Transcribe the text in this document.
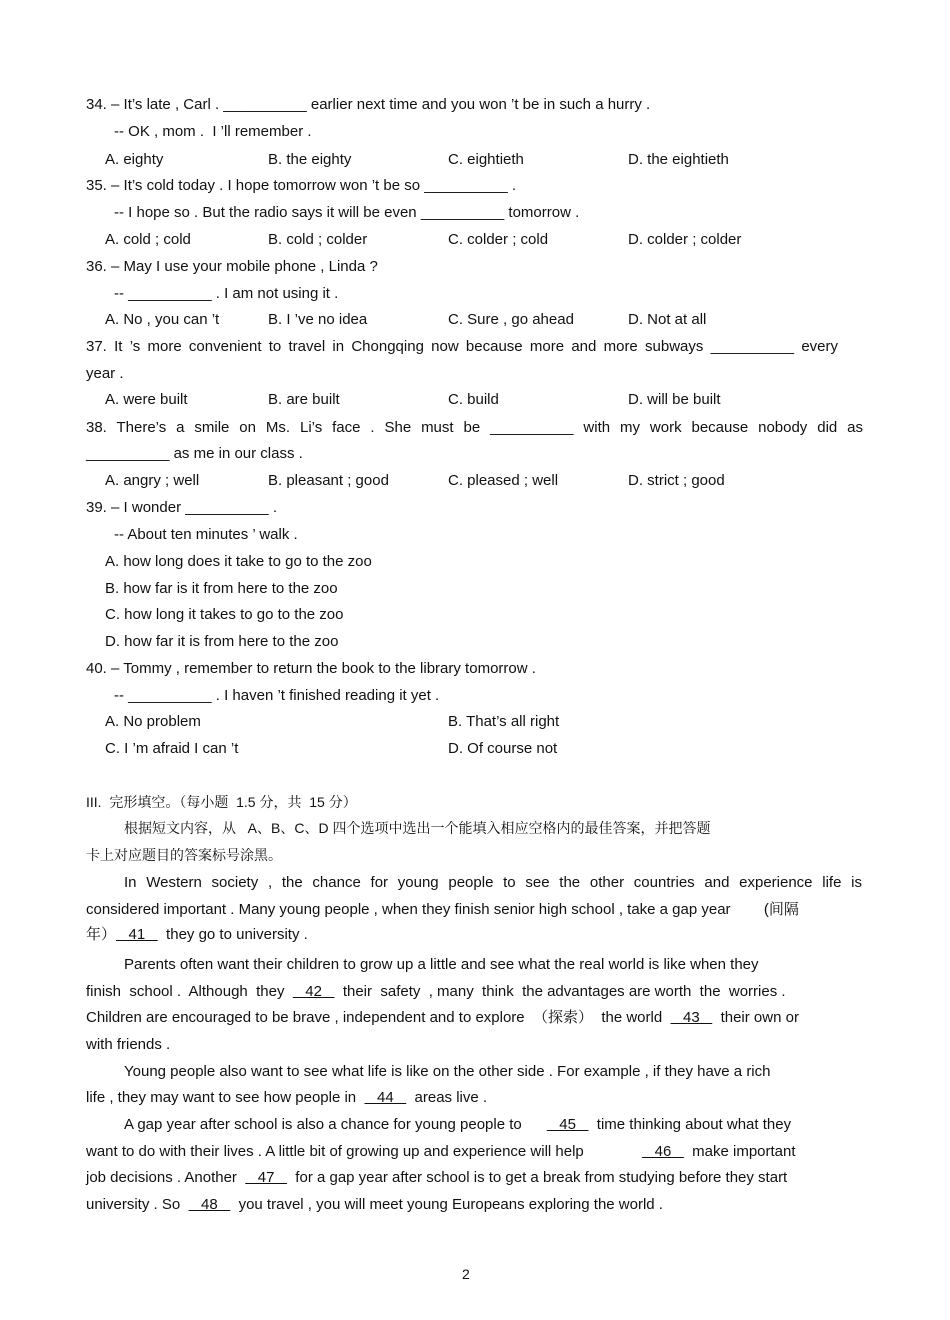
34. – It’s late , Carl . __________ earlier next time and you won ’t be in such a hurry .
-- OK , mom .  I ’ll remember .
A. eighty	B. the eighty	C. eightieth	D. the eightieth
35. – It’s cold today . I hope tomorrow won ’t be so __________ .
-- I hope so . But the radio says it will be even __________ tomorrow .
A. cold ; cold	B. cold ; colder	C. colder ; cold	D. colder ; colder
36. – May I use your mobile phone , Linda ?
-- __________ . I am not using it .
A. No , you can ’t	B. I ’ve no idea	C. Sure , go ahead	D. Not at all
37. It ’s more convenient to travel in Chongqing now because more and more subways __________ every
year .
A. were built	B. are built	C. build	D. will be built
38. There’s a smile on Ms. Li’s face . She must be __________ with my work because nobody did as
__________ as me in our class .
A. angry ; well	B. pleasant ; good	C. pleased ; well	D. strict ; good
39. – I wonder __________ .
-- About ten minutes ’ walk .
A. how long does it take to go to the zoo
B. how far is it from here to the zoo
C. how long it takes to go to the zoo
D. how far it is from here to the zoo
40. – Tommy , remember to return the book to the library tomorrow .
-- __________ . I haven ’t finished reading it yet .
A. No problem	B. That’s all right
C. I ’m afraid I can ’t	D. Of course not
III.  完形填空。（每小题  1.5 分，共  15 分）
根据短文内容，从   A、B、C、D 四个选项中选出一个能填入相应空格内的最佳答案，并把答题
卡上对应题目的答案标号涂黑。
In Western society , the chance for young people to see the other countries and experience life is
considered important . Many young people , when they finish senior high school , take a gap year        (间隔
年）   41     they go to university .
Parents often want their children to grow up a little and see what the real world is like when they
finish  school .  Although  they     42     their  safety  , many  think  the advantages are worth  the  worries .
Children are encouraged to be brave , independent and to explore  （探索）  the world     43     their own or
with friends .
Young people also want to see what life is like on the other side . For example , if they have a rich
life , they may want to see how people in     44     areas live .
A gap year after school is also a chance for young people to         45     time thinking about what they
want to do with their lives . A little bit of growing up and experience will help                 46     make important
job decisions . Another     47     for a gap year after school is to get a break from studying before they start
university . So     48     you travel , you will meet young Europeans exploring the world .
2
